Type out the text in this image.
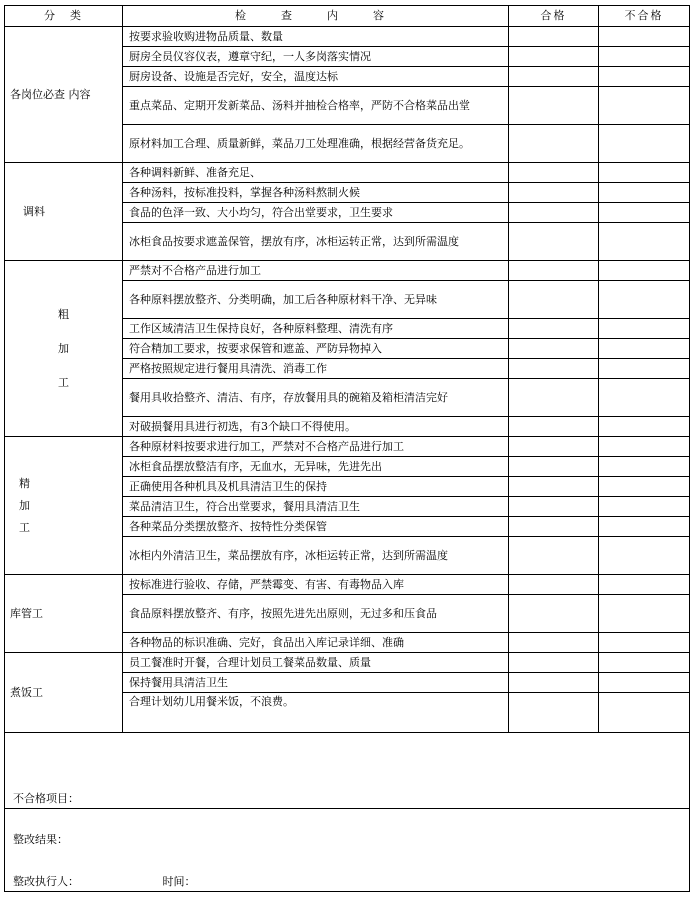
分　类	检　查　内　容	合格	不合格
各岗位必查 内容	按要求验收购进物品质量、数量		
	厨房全员仪容仪表，遵章守纪，一人多岗落实情况		
	厨房设备、设施是否完好，安全，温度达标		
	重点菜品、定期开发新菜品、汤料并抽检合格率，严防不合格菜品出堂		
	原材料加工合理、质量新鲜，菜品刀工处理准确，根据经营备货充足。		
调料	各种调料新鲜、准备充足、		
	各种汤料，按标准投料，掌握各种汤料熬制火候		
	食品的色泽一致、大小均匀，符合出堂要求，卫生要求		
	冰柜食品按要求遮盖保管，摆放有序，冰柜运转正常，达到所需温度		
粗加工	严禁对不合格产品进行加工		
	各种原料摆放整齐、分类明确，加工后各种原材料干净、无异味		
	工作区域清洁卫生保持良好，各种原料整理、清洗有序		
	符合精加工要求，按要求保管和遮盖、严防异物掉入		
	严格按照规定进行餐用具清洗、消毒工作		
	餐用具收拾整齐、清洁、有序，存放餐用具的碗箱及箱柜清洁完好		
	对破损餐用具进行初选，有3个缺口不得使用。		
精加工	各种原材料按要求进行加工，严禁对不合格产品进行加工		
	冰柜食品摆放整洁有序，无血水，无异味，先进先出		
	正确使用各种机具及机具清洁卫生的保持		
	菜品清洁卫生，符合出堂要求，餐用具清洁卫生		
	各种菜品分类摆放整齐、按特性分类保管		
	冰柜内外清洁卫生，菜品摆放有序，冰柜运转正常，达到所需温度		
库管工	按标准进行验收、存储，严禁霉变、有害、有毒物品入库		
	食品原料摆放整齐、有序，按照先进先出原则，无过多和压食品		
	各种物品的标识准确、完好，食品出入库记录详细、准确		
煮饭工	员工餐准时开餐，合理计划员工餐菜品数量、质量		
	保持餐用具清洁卫生		
	合理计划幼儿用餐米饭，不浪费。		
不合格项目：			

整改结果：
整改执行人： 时间：			
